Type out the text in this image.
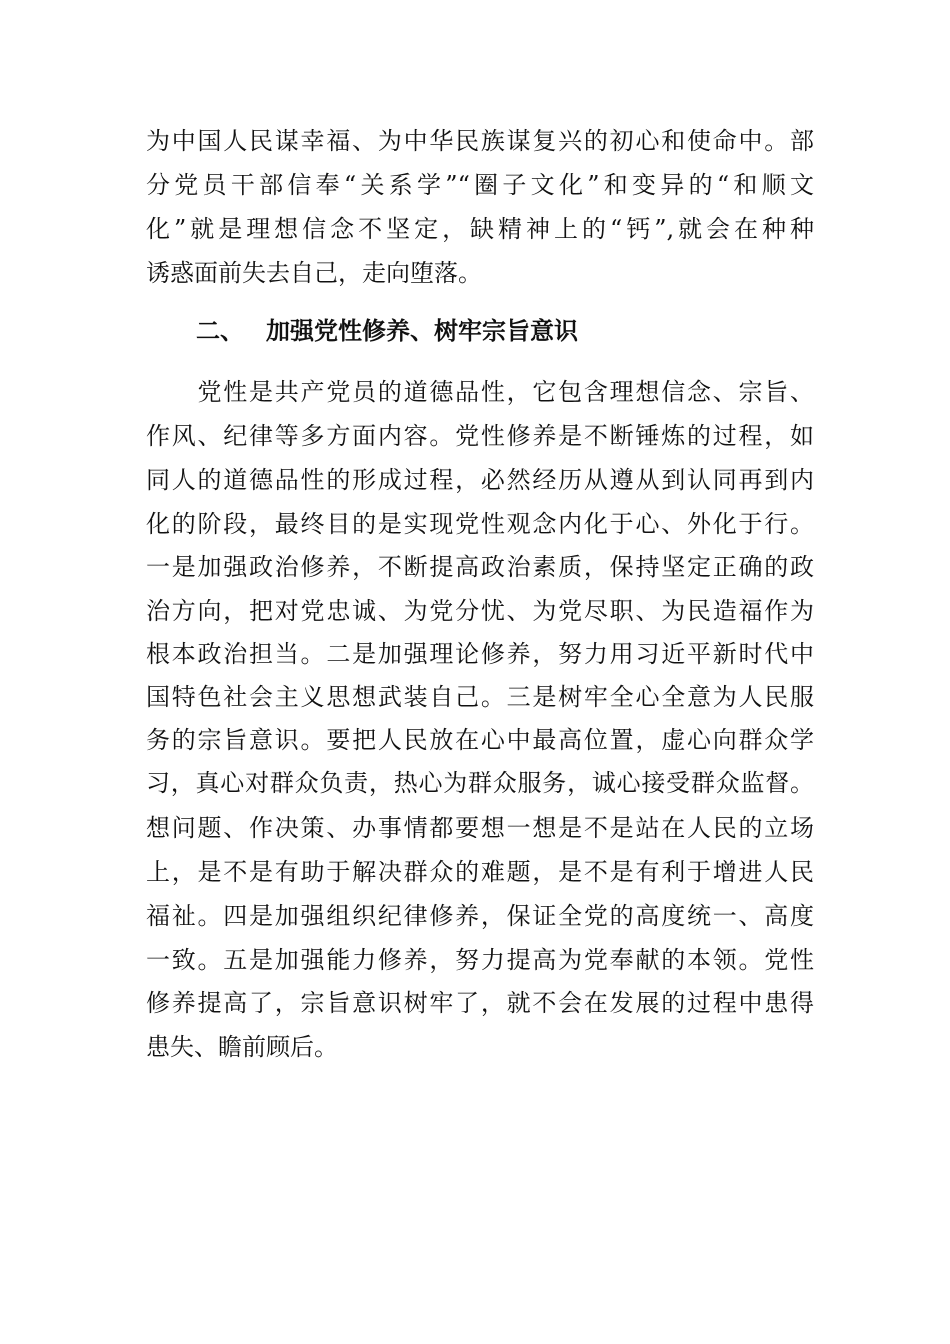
为中国人民谋幸福、为中华民族谋复兴的初心和使命中。部
分党员干部信奉“关系学”“圈子文化”和变异的“和顺文
化”就是理想信念不坚定，缺精神上的“钙”,就会在种种
诱惑面前失去自己，走向堕落。
二、 加强党性修养、树牢宗旨意识
　　党性是共产党员的道德品性，它包含理想信念、宗旨、
作风、纪律等多方面内容。党性修养是不断锤炼的过程，如
同人的道德品性的形成过程，必然经历从遵从到认同再到内
化的阶段，最终目的是实现党性观念内化于心、外化于行。
一是加强政治修养，不断提高政治素质，保持坚定正确的政
治方向，把对党忠诚、为党分忧、为党尽职、为民造福作为
根本政治担当。二是加强理论修养，努力用习近平新时代中
国特色社会主义思想武装自己。三是树牢全心全意为人民服
务的宗旨意识。要把人民放在心中最高位置，虚心向群众学
习，真心对群众负责，热心为群众服务，诚心接受群众监督。
想问题、作决策、办事情都要想一想是不是站在人民的立场
上，是不是有助于解决群众的难题，是不是有利于增进人民
福祉。四是加强组织纪律修养，保证全党的高度统一、高度
一致。五是加强能力修养，努力提高为党奉献的本领。党性
修养提高了，宗旨意识树牢了，就不会在发展的过程中患得
患失、瞻前顾后。
